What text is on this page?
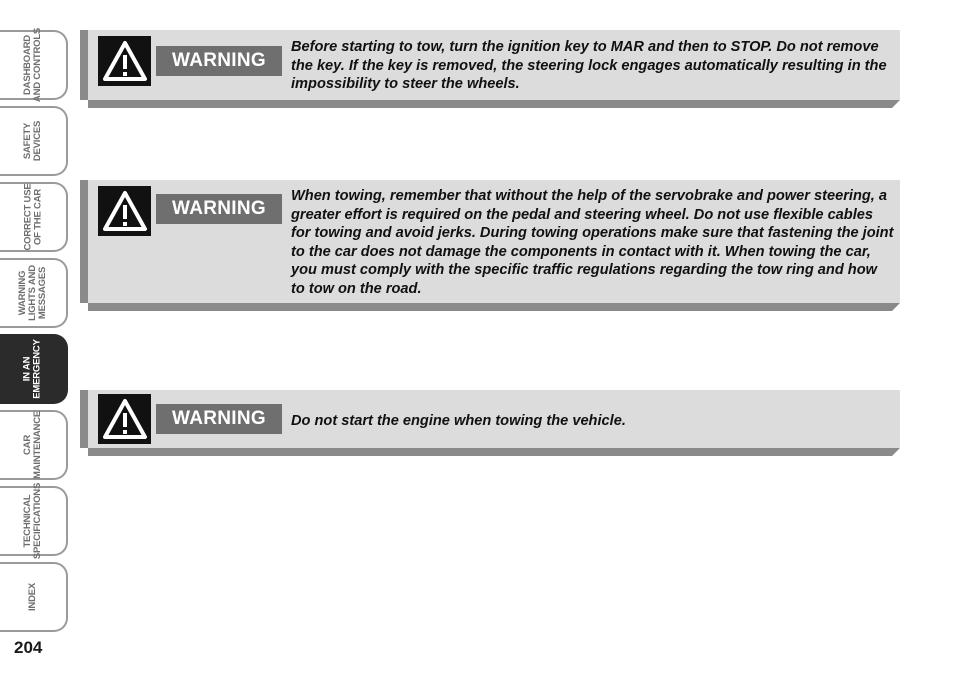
DASHBOARD
AND CONTROLS
SAFETY
DEVICES
CORRECT USE
OF THE CAR
WARNING
LIGHTS AND
MESSAGES
IN AN
EMERGENCY
CAR
MAINTENANCE
TECHNICAL
SPECIFICATIONS
INDEX
204
WARNING
Before starting to tow, turn the ignition key to MAR and then to STOP. Do not remove the key. If the key is removed, the steering lock engages automatically resulting in the impossibility to steer the wheels.
WARNING
When towing, remember that without the help of the servobrake and power steering, a greater effort is required on the pedal and steering wheel. Do not use flexible cables for towing and avoid jerks. During towing operations make sure that fastening the joint to the car does not damage the components in contact with it. When towing the car, you must comply with the specific traffic regulations regarding the tow ring and how to tow on the road.
WARNING	Do not start the engine when towing the vehicle.
